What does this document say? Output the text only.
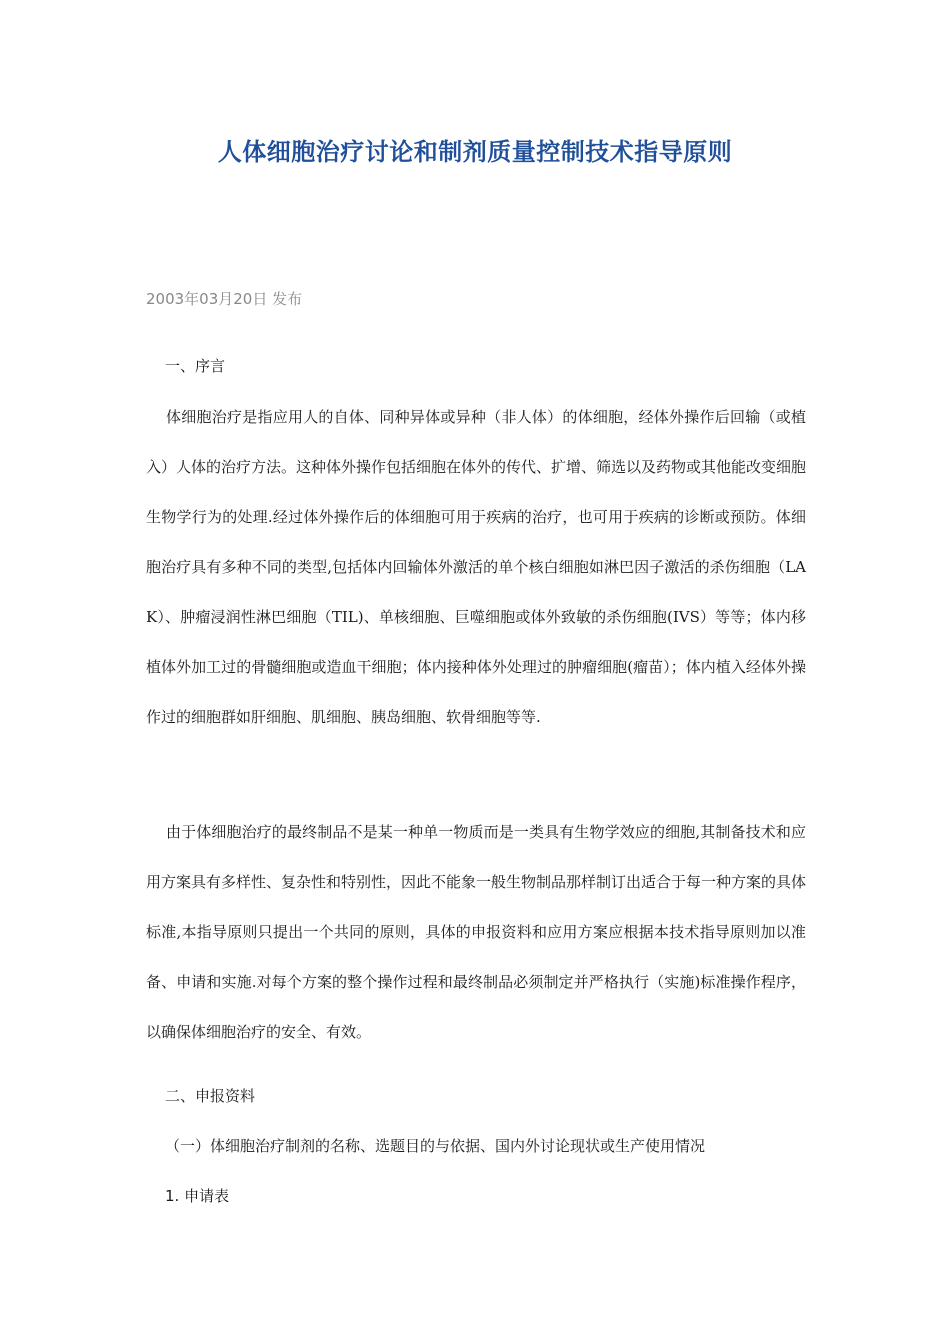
人体细胞治疗讨论和制剂质量控制技术指导原则
2003年03月20日 发布
一、序言
体细胞治疗是指应用人的自体、同种异体或异种（非人体）的体细胞，经体外操作后回输（或植入）人体的治疗方法。这种体外操作包括细胞在体外的传代、扩增、筛选以及药物或其他能改变细胞生物学行为的处理.经过体外操作后的体细胞可用于疾病的治疗，也可用于疾病的诊断或预防。体细胞治疗具有多种不同的类型,包括体内回输体外激活的单个核白细胞如淋巴因子激活的杀伤细胞（LAK）、肿瘤浸润性淋巴细胞（TIL)、单核细胞、巨噬细胞或体外致敏的杀伤细胞(IVS）等等；体内移植体外加工过的骨髓细胞或造血干细胞；体内接种体外处理过的肿瘤细胞(瘤苗）；体内植入经体外操作过的细胞群如肝细胞、肌细胞、胰岛细胞、软骨细胞等等.
由于体细胞治疗的最终制品不是某一种单一物质而是一类具有生物学效应的细胞,其制备技术和应用方案具有多样性、复杂性和特别性，因此不能象一般生物制品那样制订出适合于每一种方案的具体标准,本指导原则只提出一个共同的原则，具体的申报资料和应用方案应根据本技术指导原则加以准备、申请和实施.对每个方案的整个操作过程和最终制品必须制定并严格执行（实施)标准操作程序，以确保体细胞治疗的安全、有效。
二、申报资料
（一）体细胞治疗制剂的名称、选题目的与依据、国内外讨论现状或生产使用情况
1. 申请表
